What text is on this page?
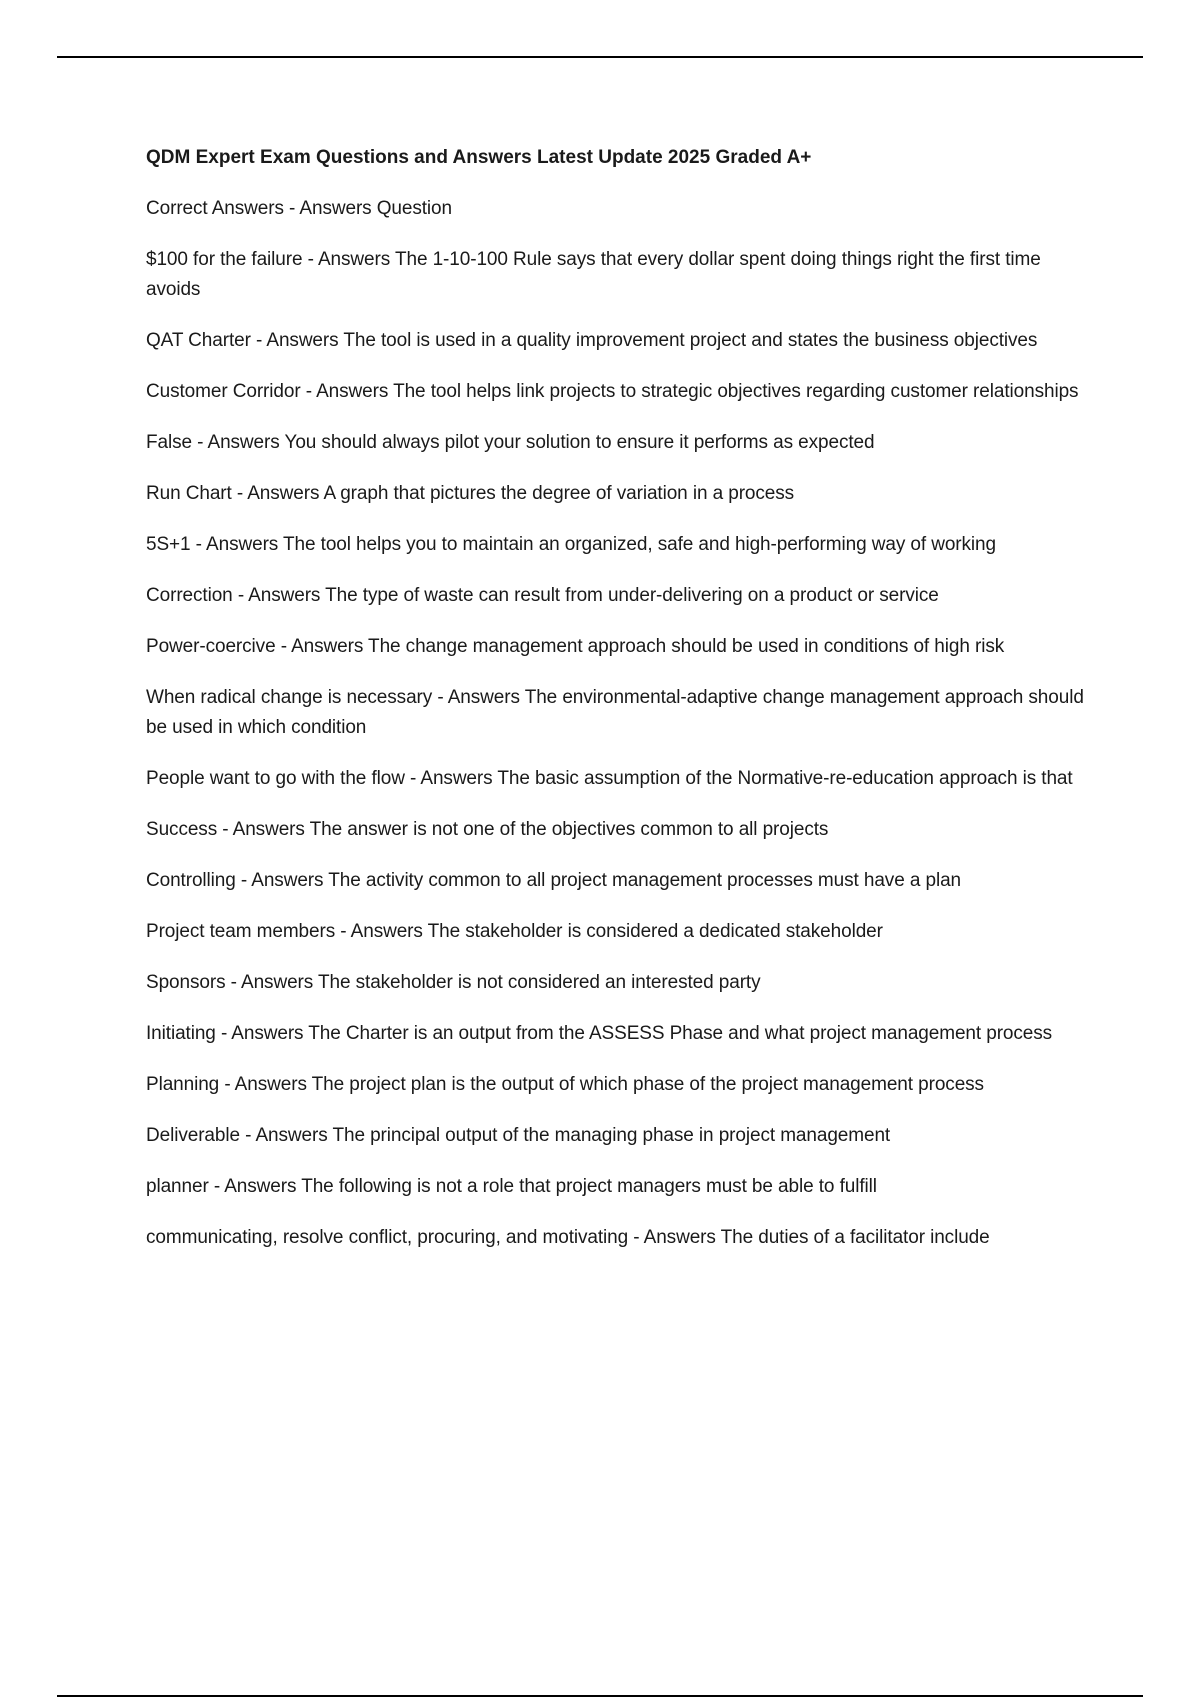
QDM Expert Exam Questions and Answers Latest Update 2025 Graded A+
Correct Answers - Answers Question
$100 for the failure - Answers The 1-10-100 Rule says that every dollar spent doing things right the first time avoids
QAT Charter - Answers The tool is used in a quality improvement project and states the business objectives
Customer Corridor - Answers The tool helps link projects to strategic objectives regarding customer relationships
False - Answers You should always pilot your solution to ensure it performs as expected
Run Chart - Answers A graph that pictures the degree of variation in a process
5S+1 - Answers The tool helps you to maintain an organized, safe and high-performing way of working
Correction - Answers The type of waste can result from under-delivering on a product or service
Power-coercive - Answers The change management approach should be used in conditions of high risk
When radical change is necessary - Answers The environmental-adaptive change management approach should be used in which condition
People want to go with the flow - Answers The basic assumption of the Normative-re-education approach is that
Success - Answers The answer is not one of the objectives common to all projects
Controlling - Answers The activity common to all project management processes must have a plan
Project team members - Answers The stakeholder is considered a dedicated stakeholder
Sponsors - Answers The stakeholder is not considered an interested party
Initiating - Answers The Charter is an output from the ASSESS Phase and what project management process
Planning - Answers The project plan is the output of which phase of the project management process
Deliverable - Answers The principal output of the managing phase in project management
planner - Answers The following is not a role that project managers must be able to fulfill
communicating, resolve conflict, procuring, and motivating - Answers The duties of a facilitator include
